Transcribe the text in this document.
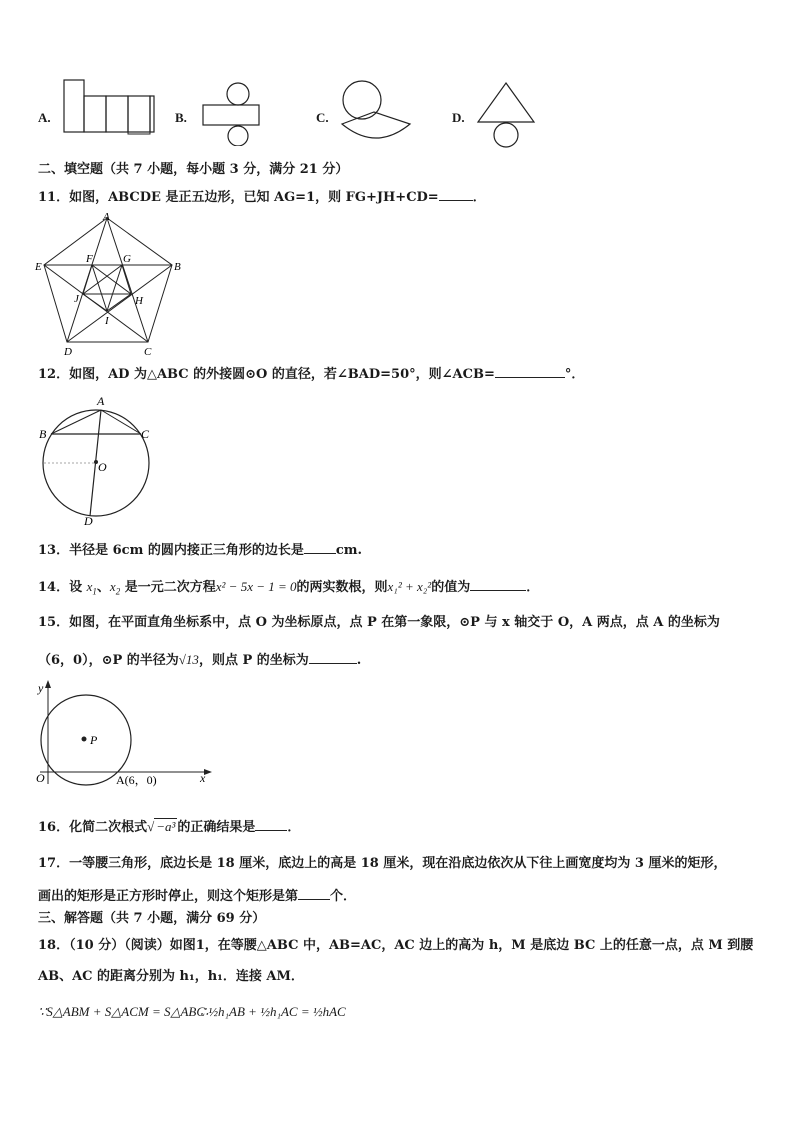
A.	B.	C.	D.
二、填空题（共 7 小题，每小题 3 分，满分 21 分）
11．如图，ABCDE 是正五边形，已知 AG=1，则 FG+JH+CD=	．
A
B
C
D
E
F	G
H
I
J
12．如图，AD 为△ABC 的外接圆⊙O 的直径，若∠BAD=50°，则∠ACB=	°．
A
B	C
O
D
13．半径是 6cm 的圆内接正三角形的边长是 cm.
14．设 $x_1$、$x_2$ 是一元二次方程x² − 5x − 1 = 0的两实数根，则x₁² + x₂²的值为	．
15．如图，在平面直角坐标系中，点 O 为坐标原点，点 P 在第一象限，⊙P 与 x 轴交于 O，A 两点，点 A 的坐标为
（6，0），⊙P 的半径为√13，则点 P 的坐标为	.
y
x
O
P
A(6，0)
16．化简二次根式√ −a³ 的正确结果是 ．
17．一等腰三角形，底边长是 18 厘米，底边上的高是 18 厘米，现在沿底边依次从下往上画宽度均为 3 厘米的矩形，
画出的矩形是正方形时停止，则这个矩形是第 个．
三、解答题（共 7 小题，满分 69 分）
18．（10 分）（阅读）如图1，在等腰△ABC 中，AB=AC，AC 边上的高为 h，M 是底边 BC 上的任意一点，点 M 到腰
AB、AC 的距离分别为 h₁，h₁．连接 AM．
∵S△ABM + S△ACM = S△ABC
∴½h₁AB + ½h₁AC = ½hAC
